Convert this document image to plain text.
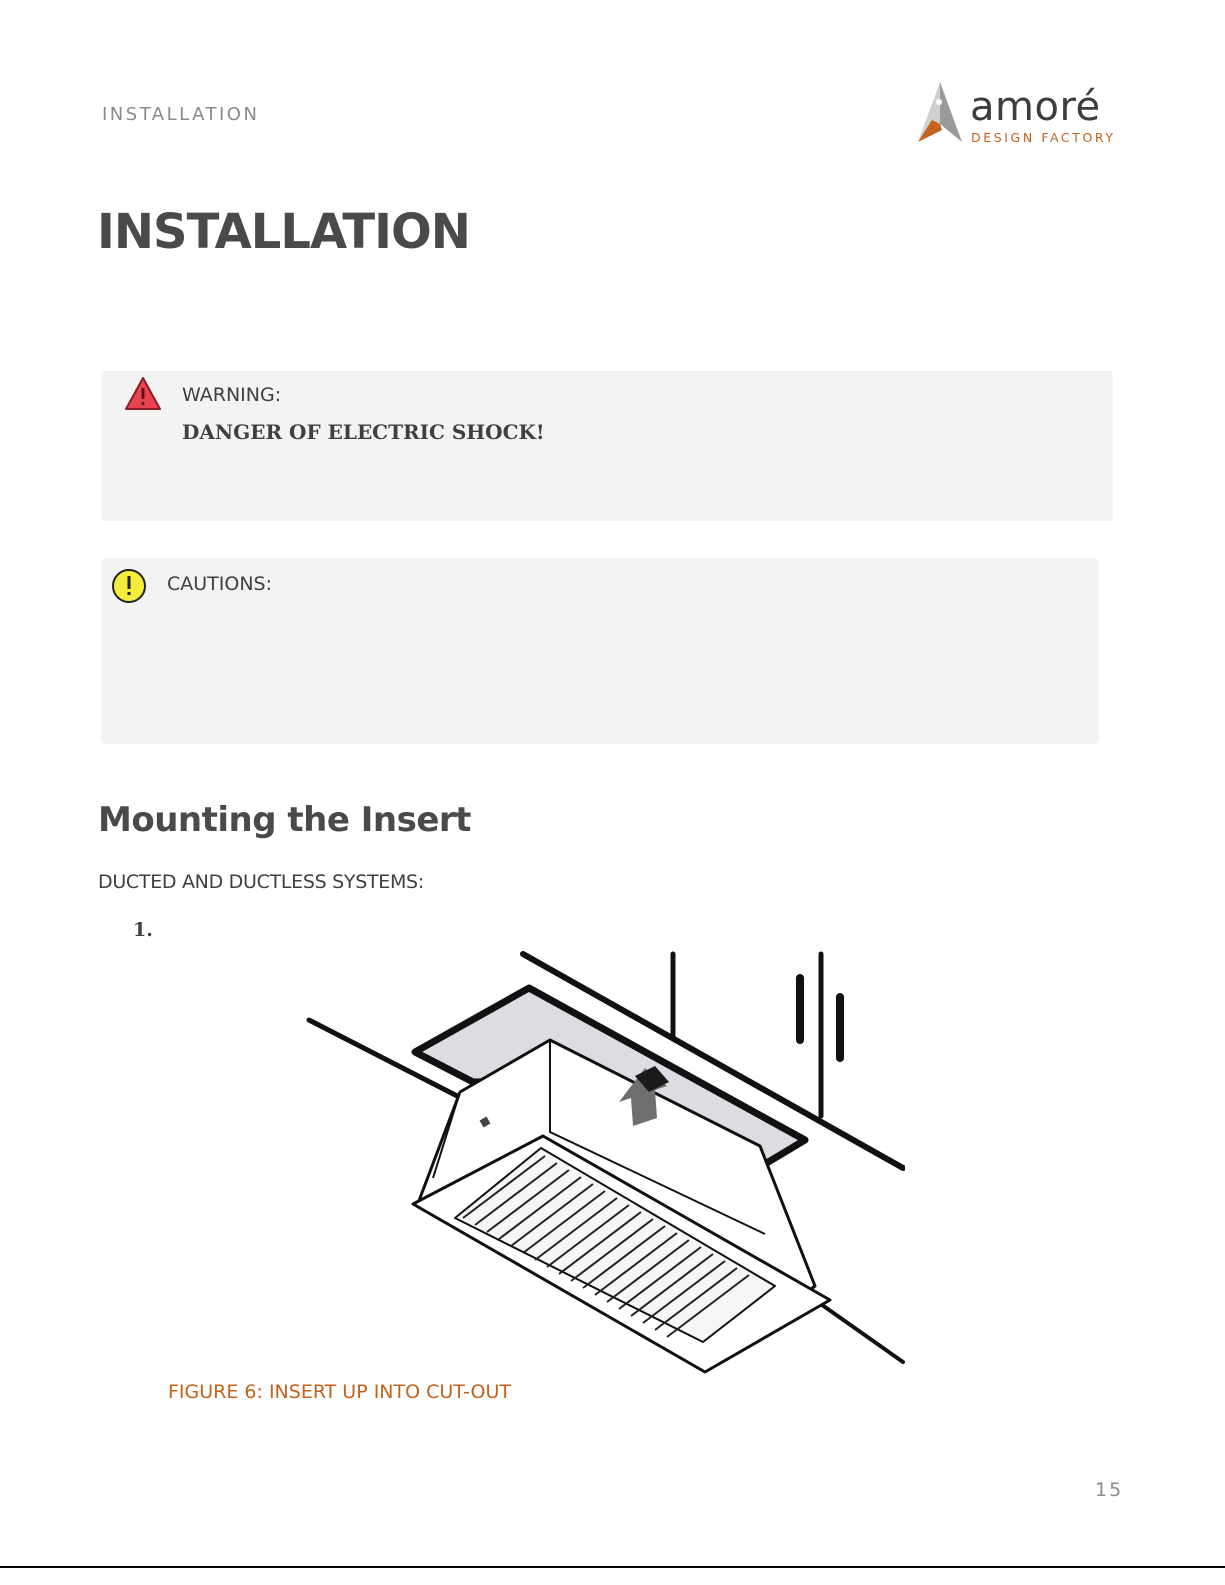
INSTALLATION	amoré
DESIGN FACTORY
INSTALLATION
WARNING:
DANGER OF ELECTRIC SHOCK!
CAUTIONS:
Mounting the Insert
DUCTED AND DUCTLESS SYSTEMS:
1.
FIGURE 6: INSERT UP INTO CUT-OUT
15
